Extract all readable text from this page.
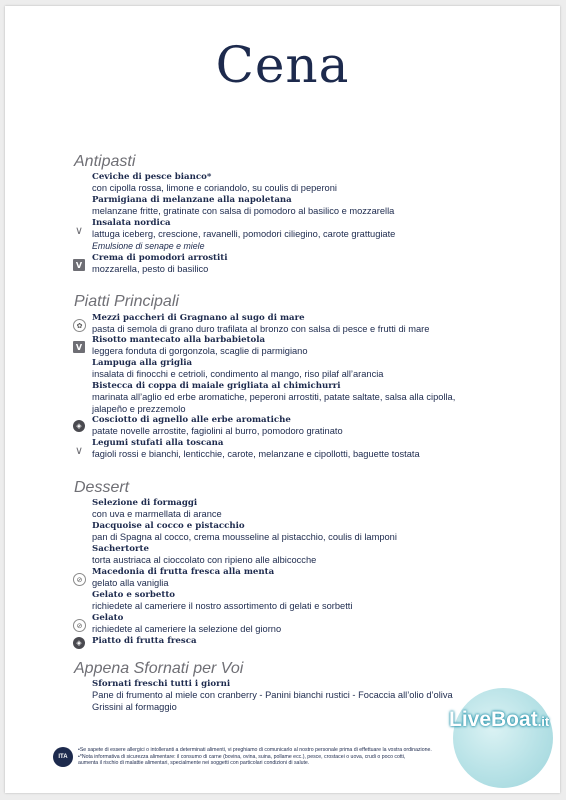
Cena
Antipasti
Ceviche di pesce bianco*
con cipolla rossa, limone e coriandolo, su coulis di peperoni
Parmigiana di melanzane alla napoletana
melanzane fritte, gratinate con salsa di pomodoro al basilico e mozzarella
∨
Insalata nordica
lattuga iceberg, crescione, ravanelli, pomodori ciliegino, carote grattugiate
Emulsione di senape e miele
V
Crema di pomodori arrostiti
mozzarella, pesto di basilico
Piatti Principali
✿
Mezzi paccheri di Gragnano al sugo di mare
pasta di semola di grano duro trafilata al bronzo con salsa di pesce e frutti di mare
V
Risotto mantecato alla barbabietola
leggera fonduta di gorgonzola, scaglie di parmigiano
Lampuga alla griglia
insalata di finocchi e cetrioli, condimento al mango, riso pilaf all’arancia
Bistecca di coppa di maiale grigliata al chimichurri
marinata all’aglio ed erbe aromatiche, peperoni arrostiti, patate saltate, salsa alla cipolla,
jalapeño e prezzemolo
◈
Cosciotto di agnello alle erbe aromatiche
patate novelle arrostite, fagiolini al burro, pomodoro gratinato
∨
Legumi stufati alla toscana
fagioli rossi e bianchi, lenticchie, carote, melanzane e cipollotti, baguette tostata
Dessert
Selezione di formaggi
con uva e marmellata di arance
Dacquoise al cocco e pistacchio
pan di Spagna al cocco, crema mousseline al pistacchio, coulis di lamponi
Sachertorte
torta austriaca al cioccolato con ripieno alle albicocche
⊘
Macedonia di frutta fresca alla menta
gelato alla vaniglia
Gelato e sorbetto
richiedete al cameriere il nostro assortimento di gelati e sorbetti
⊘
Gelato
richiedete al cameriere la selezione del giorno
◈	Piatto di frutta fresca
Appena Sfornati per Voi
Sfornati freschi tutti i giorni
Pane di frumento al miele con cranberry - Panini bianchi rustici - Focaccia all’olio d’oliva
Grissini al formaggio
ITA
•Se sapete di essere allergici o intolleranti a determinati alimenti, vi preghiamo di comunicarlo al nostro personale prima di effettuare la vostra ordinazione.
•*Nota informativa di sicurezza alimentare: il consumo di carne (bovina, ovina, suina, pollame ecc.), pesce, crostacei o uova, crudi o poco cotti,
aumenta il rischio di malattie alimentari, specialmente nei soggetti con particolari condizioni di salute.
LiveBoat.it
